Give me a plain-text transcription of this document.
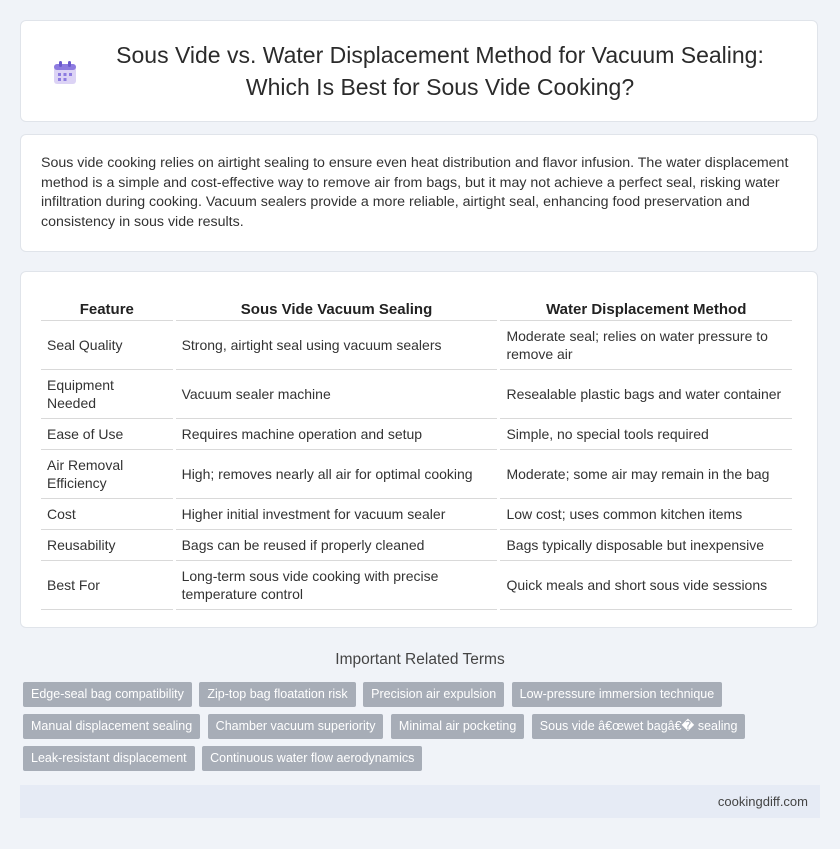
Sous Vide vs. Water Displacement Method for Vacuum Sealing: Which Is Best for Sous Vide Cooking?

Sous vide cooking relies on airtight sealing to ensure even heat distribution and flavor infusion. The water displacement method is a simple and cost-effective way to remove air from bags, but it may not achieve a perfect seal, risking water infiltration during cooking. Vacuum sealers provide a more reliable, airtight seal, enhancing food preservation and consistency in sous vide results.

Feature	Sous Vide Vacuum Sealing	Water Displacement Method
Seal Quality	Strong, airtight seal using vacuum sealers	Moderate seal; relies on water pressure to remove air
Equipment Needed	Vacuum sealer machine	Resealable plastic bags and water container
Ease of Use	Requires machine operation and setup	Simple, no special tools required
Air Removal Efficiency	High; removes nearly all air for optimal cooking	Moderate; some air may remain in the bag
Cost	Higher initial investment for vacuum sealer	Low cost; uses common kitchen items
Reusability	Bags can be reused if properly cleaned	Bags typically disposable but inexpensive
Best For	Long-term sous vide cooking with precise temperature control	Quick meals and short sous vide sessions
Important Related Terms
Edge-seal bag compatibility Zip-top bag floatation risk Precision air expulsion Low-pressure immersion technique
Manual displacement sealing Chamber vacuum superiority Minimal air pocketing Sous vide â€œwet bagâ€� sealing
Leak-resistant displacement Continuous water flow aerodynamics
cookingdiff.com
